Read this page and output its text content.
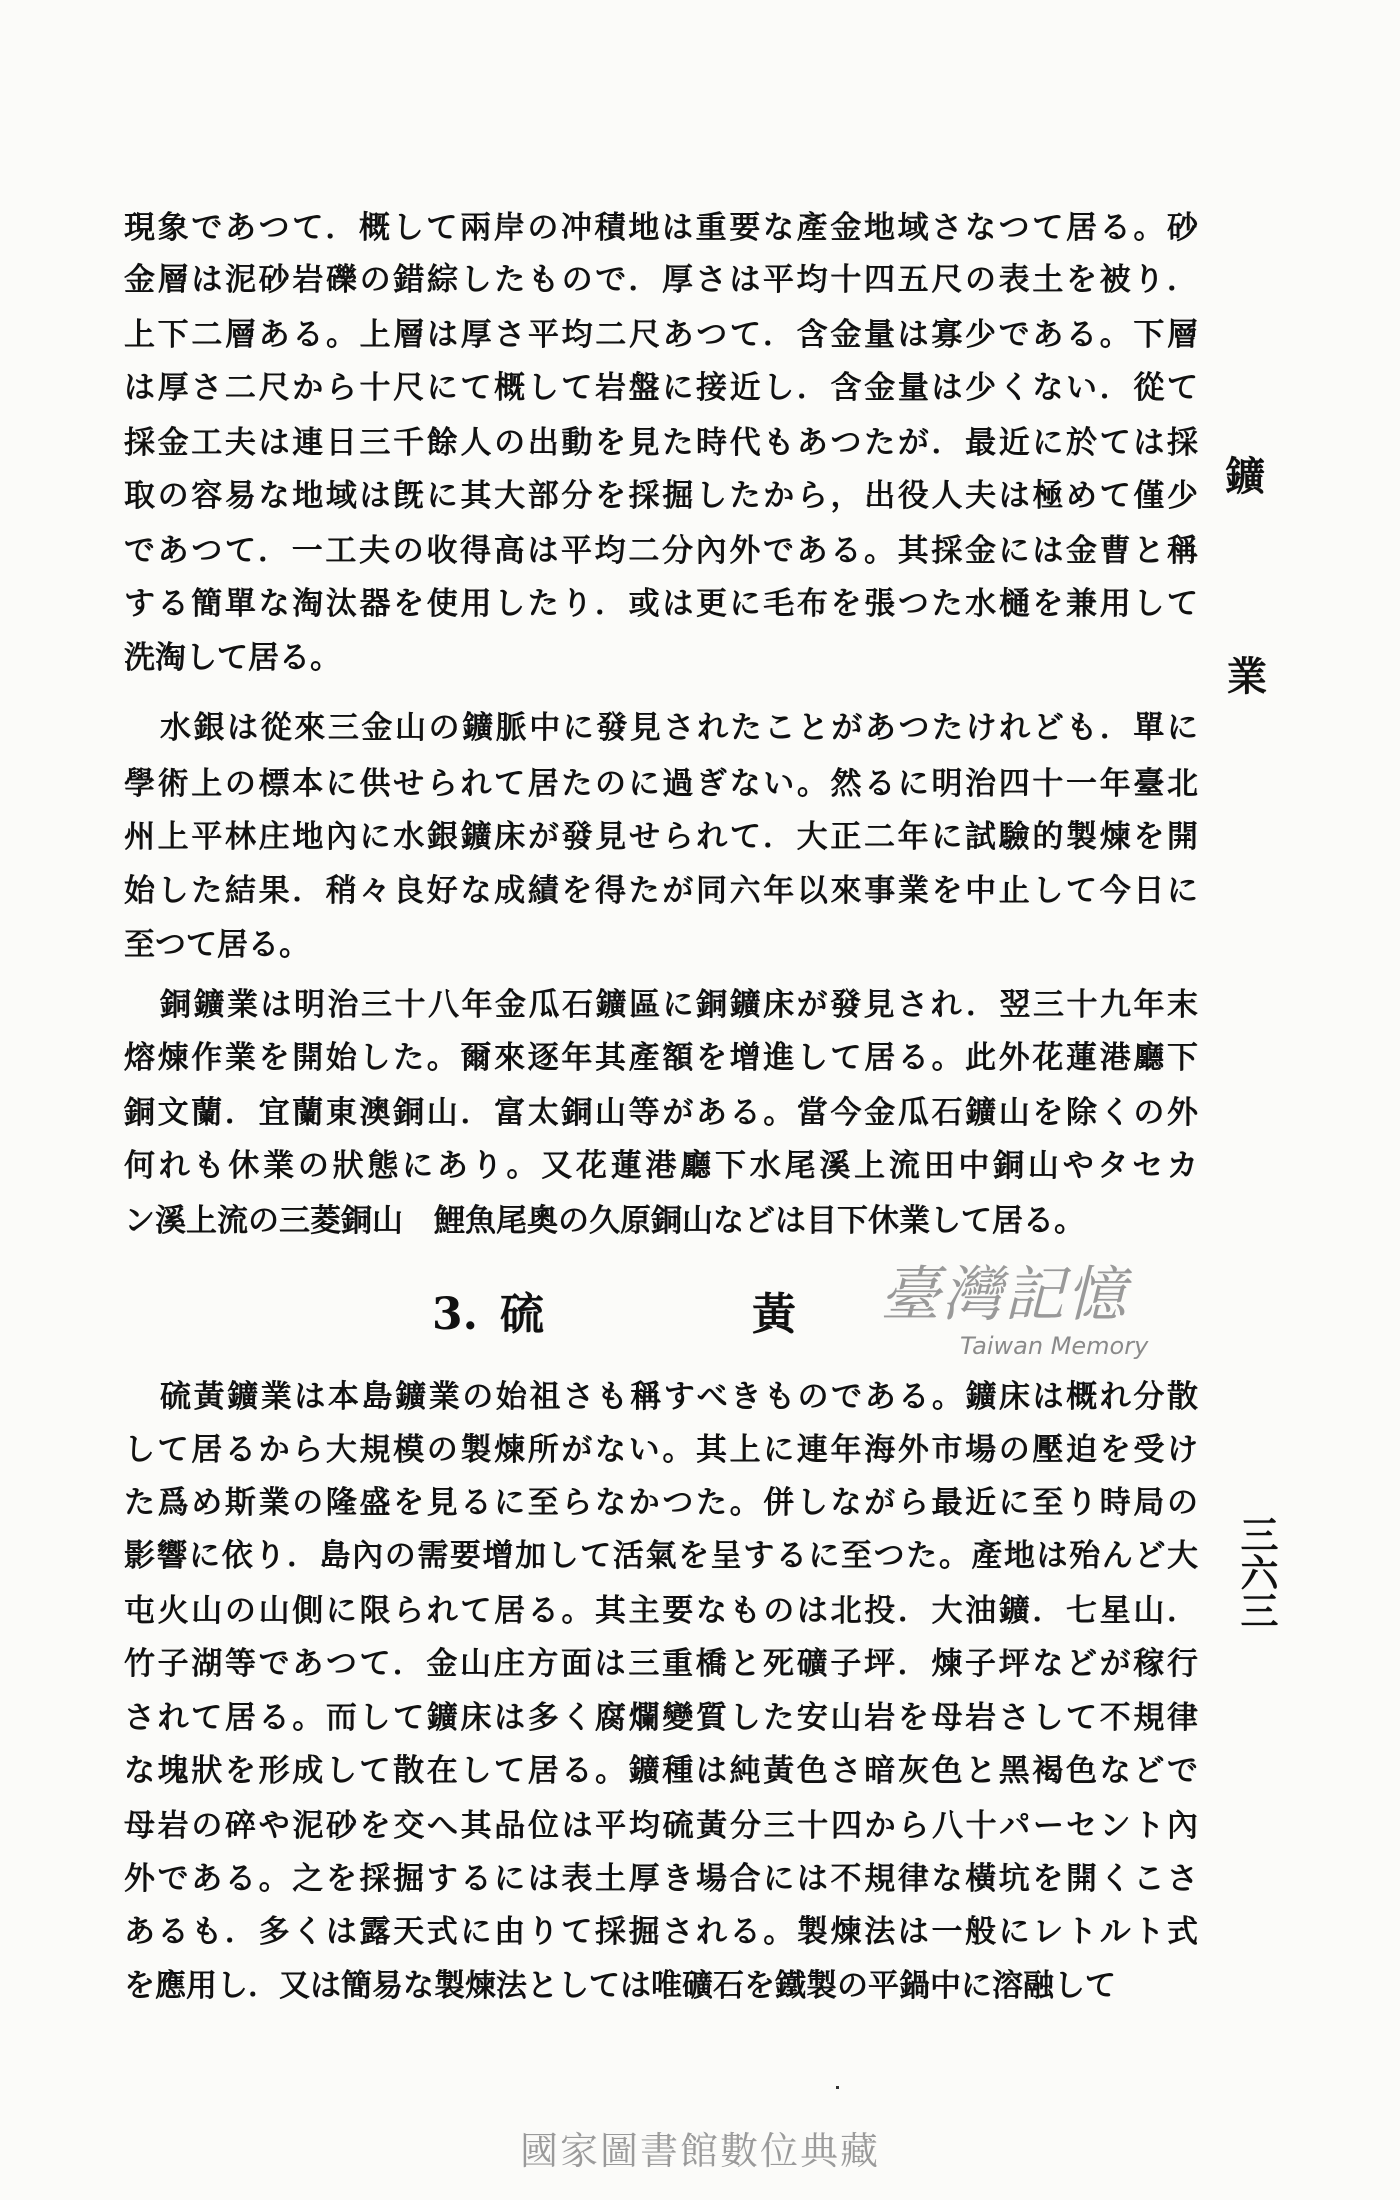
現象であつて．概して兩岸の冲積地は重要な產金地域さなつて居る。砂
金層は泥砂岩礫の錯綜したもので．厚さは平均十四五尺の表土を被り．
上下二層ある。上層は厚さ平均二尺あつて．含金量は寡少である。下層
は厚さ二尺から十尺にて概して岩盤に接近し．含金量は少くない．從て
採金工夫は連日三千餘人の出動を見た時代もあつたが．最近に於ては採
取の容易な地域は旣に其大部分を採掘したから，出役人夫は極めて僅少
であつて．一工夫の收得高は平均二分內外である。其採金には金曹と稱
する簡單な淘汰器を使用したり．或は更に毛布を張つた水樋を兼用して
洗淘して居る。
水銀は從來三金山の鑛脈中に發見されたことがあつたけれども．單に
學術上の標本に供せられて居たのに過ぎない。然るに明治四十一年臺北
州上平林庄地內に水銀鑛床が發見せられて．大正二年に試驗的製煉を開
始した結果．稍々良好な成績を得たが同六年以來事業を中止して今日に
至つて居る。
銅鑛業は明治三十八年金瓜石鑛區に銅鑛床が發見され．翌三十九年末
熔煉作業を開始した。爾來逐年其產額を增進して居る。此外花蓮港廳下
銅文蘭．宜蘭東澳銅山．富太銅山等がある。當今金瓜石鑛山を除くの外
何れも休業の狀態にあり。又花蓮港廳下水尾溪上流田中銅山やタセカ
ン溪上流の三菱銅山　鯉魚尾奧の久原銅山などは目下休業して居る。
硫黃鑛業は本島鑛業の始祖さも稱すべきものである。鑛床は概れ分散
して居るから大規模の製煉所がない。其上に連年海外市場の壓迫を受け
た爲め斯業の隆盛を見るに至らなかつた。併しながら最近に至り時局の
影響に依り．島內の需要增加して活氣を呈するに至つた。產地は殆んど大
屯火山の山側に限られて居る。其主要なものは北投．大油鑛．七星山．
竹子湖等であつて．金山庄方面は三重橋と死礦子坪．煉子坪などが稼行
されて居る。而して鑛床は多く腐爛變質した安山岩を母岩さして不規律
な塊狀を形成して散在して居る。鑛種は純黃色さ暗灰色と黑褐色などで
母岩の碎や泥砂を交へ其品位は平均硫黃分三十四から八十パーセント內
外である。之を採掘するには表土厚き場合には不規律な橫坑を開くこさ
あるも．多くは露天式に由りて採掘される。製煉法は一般にレトルト式
を應用し．又は簡易な製煉法としては唯礦石を鐵製の平鍋中に溶融して
鑛
業
三六三
3. 硫	黃 臺灣記憶
Taiwan Memory
國家圖書館數位典藏
